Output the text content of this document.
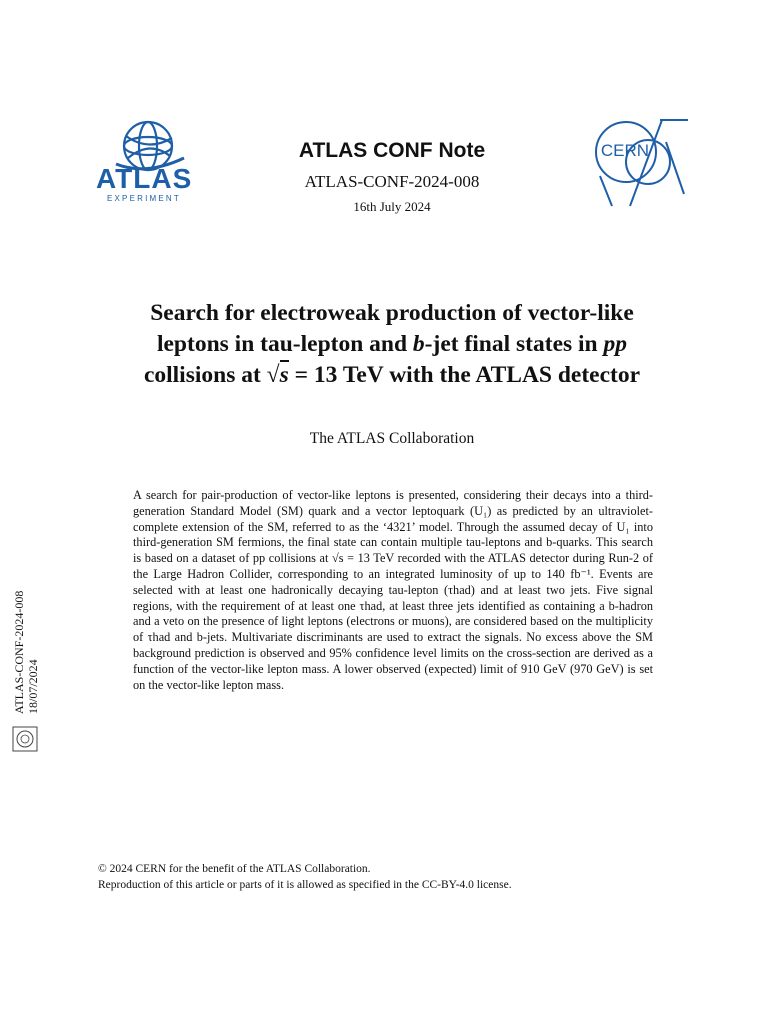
ATLAS
EXPERIMENT
CERN
ATLAS CONF Note
ATLAS-CONF-2024-008
16th July 2024
Search for electroweak production of vector-like
leptons in tau-lepton and b-jet final states in pp
collisions at √s = 13 TeV with the ATLAS detector
The ATLAS Collaboration
A search for pair-production of vector-like leptons is presented, considering their decays into a third-generation Standard Model (SM) quark and a vector leptoquark (U₁) as predicted by an ultraviolet-complete extension of the SM, referred to as the ‘4321’ model. Through the assumed decay of U₁ into third-generation SM fermions, the final state can contain multiple tau-leptons and b-quarks. This search is based on a dataset of pp collisions at √s = 13 TeV recorded with the ATLAS detector during Run-2 of the Large Hadron Collider, corresponding to an integrated luminosity of up to 140 fb⁻¹. Events are selected with at least one hadronically decaying tau-lepton (τhad) and at least two jets. Five signal regions, with the requirement of at least one τhad, at least three jets identified as containing a b-hadron and a veto on the presence of light leptons (electrons or muons), are considered based on the multiplicity of τhad and b-jets. Multivariate discriminants are used to extract the signals. No excess above the SM background prediction is observed and 95% confidence level limits on the cross-section are derived as a function of the vector-like lepton mass. A lower observed (expected) limit of 910 GeV (970 GeV) is set on the vector-like lepton mass.
ATLAS-CONF-2024-008 18/07/2024
© 2024 CERN for the benefit of the ATLAS Collaboration.
Reproduction of this article or parts of it is allowed as specified in the CC-BY-4.0 license.
